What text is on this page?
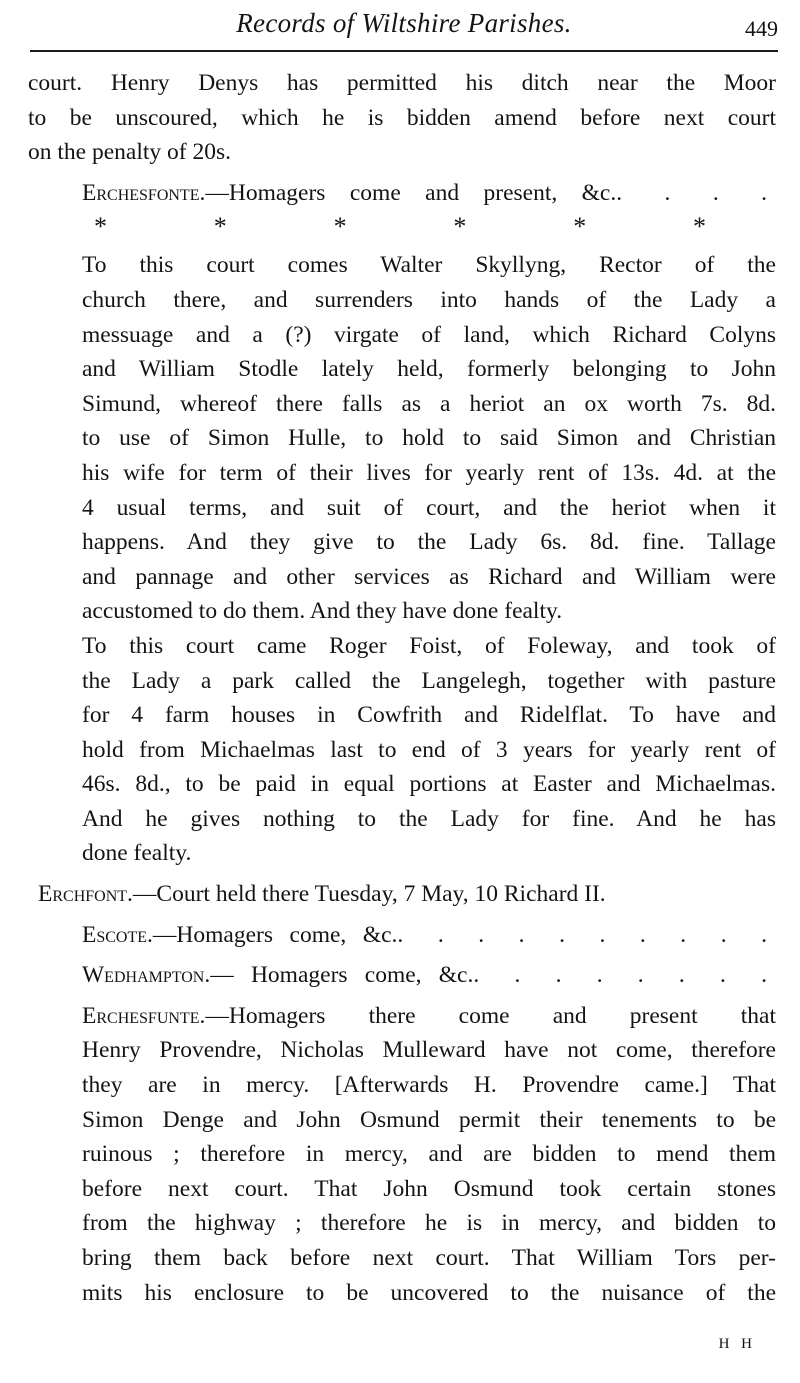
Records of Wiltshire Parishes.	449

court. Henry Denys has permitted his ditch near the Moor
to be unscoured, which he is bidden amend before next court
on the penalty of 20s.

Erchesfonte.—Homagers come and present, &c.. . . .

*	*	*	*	*	*

To this court comes Walter Skyllyng, Rector of the
church there, and surrenders into hands of the Lady a
messuage and a (?) virgate of land, which Richard Colyns
and William Stodle lately held, formerly belonging to John
Simund, whereof there falls as a heriot an ox worth 7s. 8d.
to use of Simon Hulle, to hold to said Simon and Christian
his wife for term of their lives for yearly rent of 13s. 4d. at the
4 usual terms, and suit of court, and the heriot when it
happens. And they give to the Lady 6s. 8d. fine. Tallage
and pannage and other services as Richard and William were
accustomed to do them. And they have done fealty.

To this court came Roger Foist, of Foleway, and took of
the Lady a park called the Langelegh, together with pasture
for 4 farm houses in Cowfrith and Ridelflat. To have and
hold from Michaelmas last to end of 3 years for yearly rent of
46s. 8d., to be paid in equal portions at Easter and Michaelmas.
And he gives nothing to the Lady for fine. And he has
done fealty.

Erchfont.—Court held there Tuesday, 7 May, 10 Richard II.

Escote.—Homagers come, &c.. . . . . . . . . .

Wedhampton.— Homagers come, &c.. . . . . . . .

Erchesfunte.—Homagers there come and present that
Henry Provendre, Nicholas Mulleward have not come, therefore
they are in mercy. [Afterwards H. Provendre came.] That
Simon Denge and John Osmund permit their tenements to be
ruinous ; therefore in mercy, and are bidden to mend them
before next court. That John Osmund took certain stones
from the highway ; therefore he is in mercy, and bidden to
bring them back before next court. That William Tors per-
mits his enclosure to be uncovered to the nuisance of the

H H
